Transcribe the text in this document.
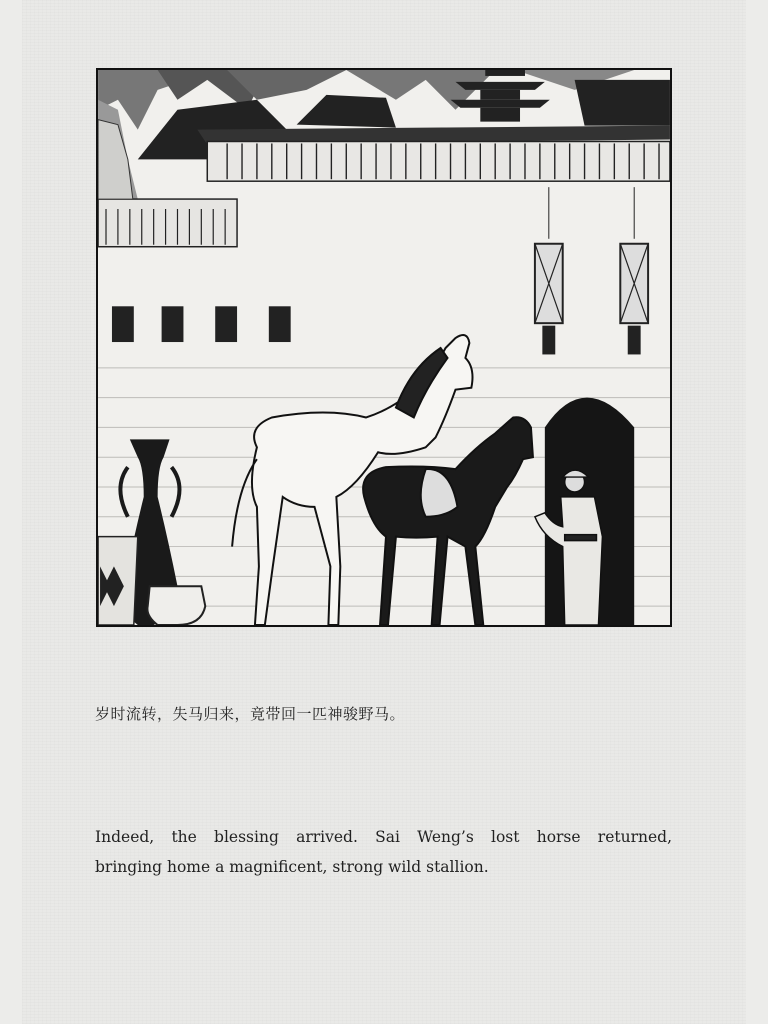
岁时流转，失马归来，竟带回一匹神骏野马。
Indeed, the blessing arrived. Sai Weng’s lost horse returned,
bringing home a magnificent, strong wild stallion.
